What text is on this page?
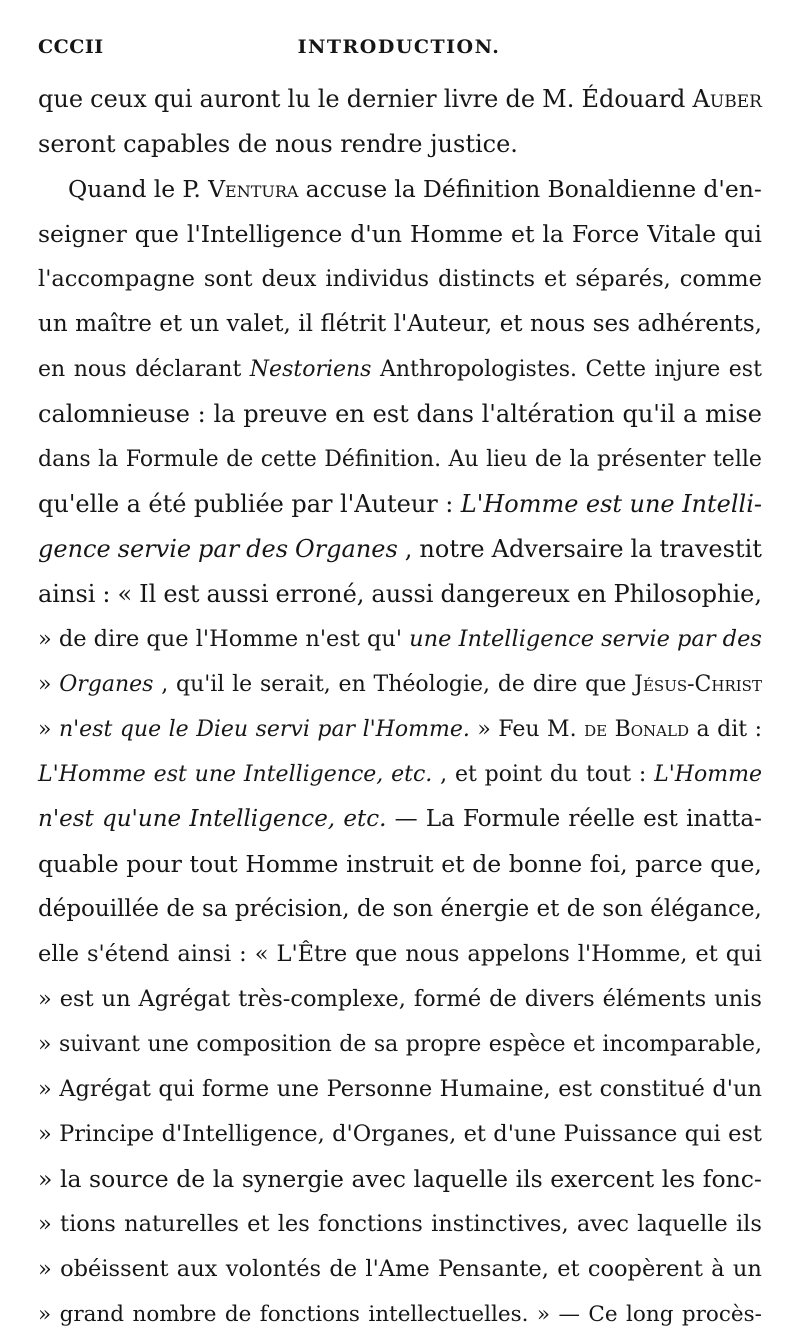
CCCII	INTRODUCTION.
que ceux qui auront lu le dernier livre de M. Édouard Auber
seront capables de nous rendre justice.
Quand le P. Ventura accuse la Définition Bonaldienne d'en-
seigner que l'Intelligence d'un Homme et la Force Vitale qui
l'accompagne sont deux individus distincts et séparés, comme
un maître et un valet, il flétrit l'Auteur, et nous ses adhérents,
en nous déclarant Nestoriens Anthropologistes. Cette injure est
calomnieuse : la preuve en est dans l'altération qu'il a mise
dans la Formule de cette Définition. Au lieu de la présenter telle
qu'elle a été publiée par l'Auteur : L'Homme est une Intelli-
gence servie par des Organes , notre Adversaire la travestit
ainsi : « Il est aussi erroné, aussi dangereux en Philosophie,
» de dire que l'Homme n'est qu' une Intelligence servie par des
» Organes , qu'il le serait, en Théologie, de dire que Jésus-Christ
» n'est que le Dieu servi par l'Homme. » Feu M. de Bonald a dit :
L'Homme est une Intelligence, etc. , et point du tout : L'Homme
n'est qu'une Intelligence, etc. — La Formule réelle est inatta-
quable pour tout Homme instruit et de bonne foi, parce que,
dépouillée de sa précision, de son énergie et de son élégance,
elle s'étend ainsi : « L'Être que nous appelons l'Homme, et qui
» est un Agrégat très-complexe, formé de divers éléments unis
» suivant une composition de sa propre espèce et incomparable,
» Agrégat qui forme une Personne Humaine, est constitué d'un
» Principe d'Intelligence, d'Organes, et d'une Puissance qui est
» la source de la synergie avec laquelle ils exercent les fonc-
» tions naturelles et les fonctions instinctives, avec laquelle ils
» obéissent aux volontés de l'Ame Pensante, et coopèrent à un
» grand nombre de fonctions intellectuelles. » — Ce long procès-
